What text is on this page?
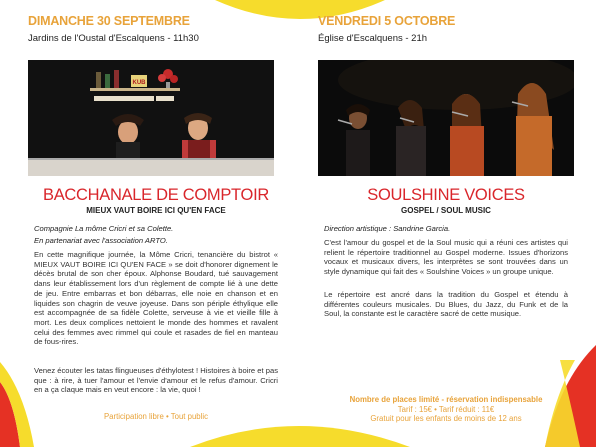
DIMANCHE 30 SEPTEMBRE
Jardins de l'Oustal d'Escalquens - 11h30
KUB
BACCHANALE DE COMPTOIR
MIEUX VAUT BOIRE ICI QU'EN FACE

Compagnie La môme Cricri et sa Colette.

En partenariat avec l'association ARTO.

En cette magnifique journée, la Môme Cricri, tenancière du bistrot « MIEUX VAUT BOIRE ICI QU'EN FACE » se doit d'honorer dignement le décès brutal de son cher époux. Alphonse Boudard, tué sauvagement dans leur établissement lors d'un règlement de compte lié à une dette de jeu. Entre embarras et bon débarras, elle noie en chanson et en liquides son chagrin de veuve joyeuse. Dans son périple éthylique elle est accompagnée de sa fidèle Colette, serveuse à vie et vieille fille à mort. Les deux complices nettoient le monde des hommes et ravalent celui des femmes avec rimmel qui coule et rasades de fiel en manteau de fous-rires.

Venez écouter les tatas flingueuses d'éthylotest ! Histoires à boire et pas que : à rire, à tuer l'amour et l'envie d'amour et le refus d'amour. Cricri en a ça claque mais en veut encore : la vie, quoi !

Participation libre • Tout public
VENDREDI 5 OCTOBRE
Église d'Escalquens - 21h
SOULSHINE VOICES
GOSPEL / SOUL MUSIC

Direction artistique : Sandrine Garcia.

C'est l'amour du gospel et de la Soul music qui a réuni ces artistes qui relient le répertoire traditionnel au Gospel moderne. Issues d'horizons vocaux et musicaux divers, les interprètes se sont trouvées dans un style dynamique qui fait des « Soulshine Voices » un groupe unique.

Le répertoire est ancré dans la tradition du Gospel et étendu à différentes couleurs musicales. Du Blues, du Jazz, du Funk et de la Soul, la constante est le caractère sacré de cette musique.

Nombre de places limité - réservation indispensable
Tarif : 15€ • Tarif réduit : 11€
Gratuit pour les enfants de moins de 12 ans
